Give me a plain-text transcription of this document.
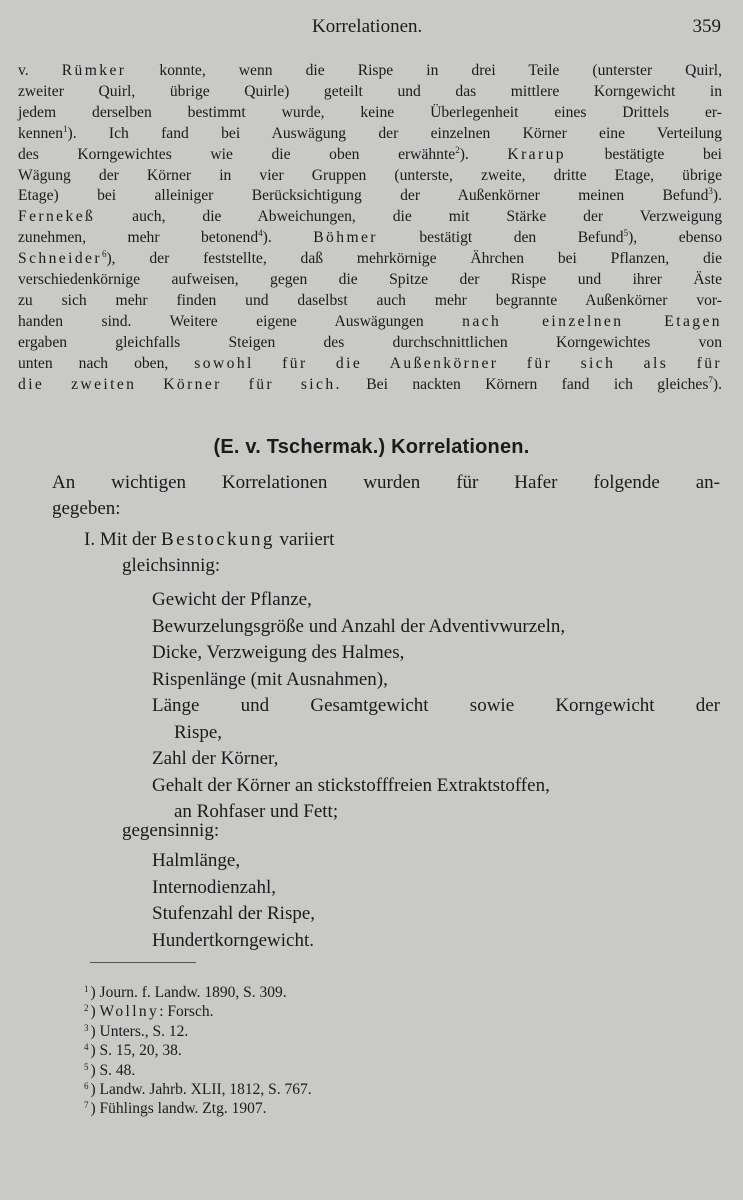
Korrelationen.	359
v. Rümker konnte, wenn die Rispe in drei Teile (unterster Quirl,
zweiter Quirl, übrige Quirle) geteilt und das mittlere Korngewicht in
jedem derselben bestimmt wurde, keine Überlegenheit eines Drittels er-
kennen$^1$). Ich fand bei Auswägung der einzelnen Körner eine Verteilung
des Korngewichtes wie die oben erwähnte$^2$). Krarup bestätigte bei
Wägung der Körner in vier Gruppen (unterste, zweite, dritte Etage, übrige
Etage) bei alleiniger Berücksichtigung der Außenkörner meinen Befund$^3$).
Fernekeß auch, die Abweichungen, die mit Stärke der Verzweigung
zunehmen, mehr betonend$^4$). Böhmer bestätigt den Befund$^5$), ebenso
Schneider$^6$), der feststellte, daß mehrkörnige Ährchen bei Pflanzen, die
verschiedenkörnige aufweisen, gegen die Spitze der Rispe und ihrer Äste
zu sich mehr finden und daselbst auch mehr begrannte Außenkörner vor-
handen sind. Weitere eigene Auswägungen nach einzelnen Etagen
ergaben gleichfalls Steigen des durchschnittlichen Korngewichtes von
unten nach oben, sowohl für die Außenkörner für sich als für
die zweiten Körner für sich. Bei nackten Körnern fand ich gleiches$^7$).
(E. v. Tschermak.) Korrelationen.
An wichtigen Korrelationen wurden für Hafer folgende an-
gegeben:
I. Mit der Bestockung variiert
gleichsinnig:
Gewicht der Pflanze,
Bewurzelungsgröße und Anzahl der Adventivwurzeln,
Dicke, Verzweigung des Halmes,
Rispenlänge (mit Ausnahmen),
Länge und Gesamtgewicht sowie Korngewicht der
Rispe,
Zahl der Körner,
Gehalt der Körner an stickstofffreien Extraktstoffen,
an Rohfaser und Fett;
gegensinnig:
Halmlänge,
Internodienzahl,
Stufenzahl der Rispe,
Hundertkorngewicht.
$^1$ ) Journ. f. Landw. 1890, S. 309.
$^2$ ) Wollny: Forsch.
$^3$ ) Unters., S. 12.
$^4$ ) S. 15, 20, 38.
$^5$ ) S. 48.
$^6$ ) Landw. Jahrb. XLII, 1812, S. 767.
$^7$ ) Fühlings landw. Ztg. 1907.
